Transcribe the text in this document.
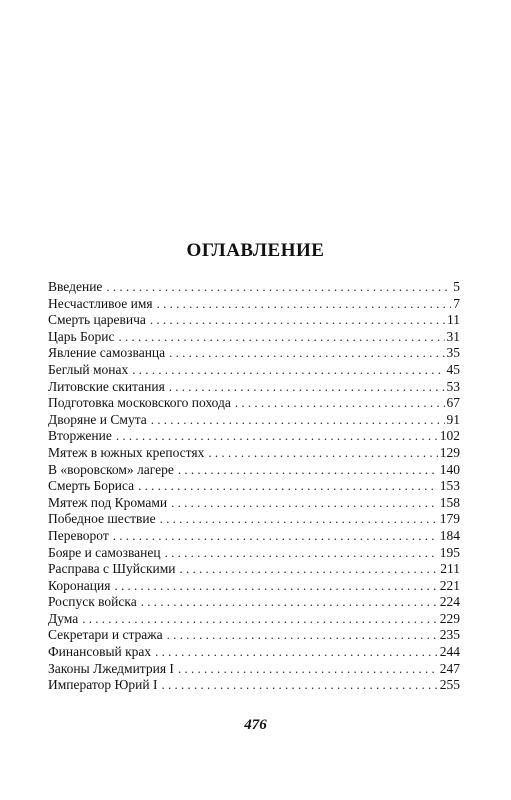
ОГЛАВЛЕНИЕ
Введение . . .	5
Несчастливое имя . . .	7
Смерть царевича . . .	11
Царь Борис . . .	31
Явление самозванца . . .	35
Беглый монах . . .	45
Литовские скитания . . .	53
Подготовка московского похода . . .	67
Дворяне и Смута . . .	91
Вторжение . . .	102
Мятеж в южных крепостях . . .	129
В «воровском» лагере . . .	140
Смерть Бориса . . .	153
Мятеж под Кромами . . .	158
Победное шествие . . .	179
Переворот . . .	184
Бояре и самозванец . . .	195
Расправа с Шуйскими . . .	211
Коронация . . .	221
Роспуск войска . . .	224
Дума . . .	229
Секретари и стража . . .	235
Финансовый крах . . .	244
Законы Лжедмитрия I . . .	247
Император Юрий I . . .	255
476
